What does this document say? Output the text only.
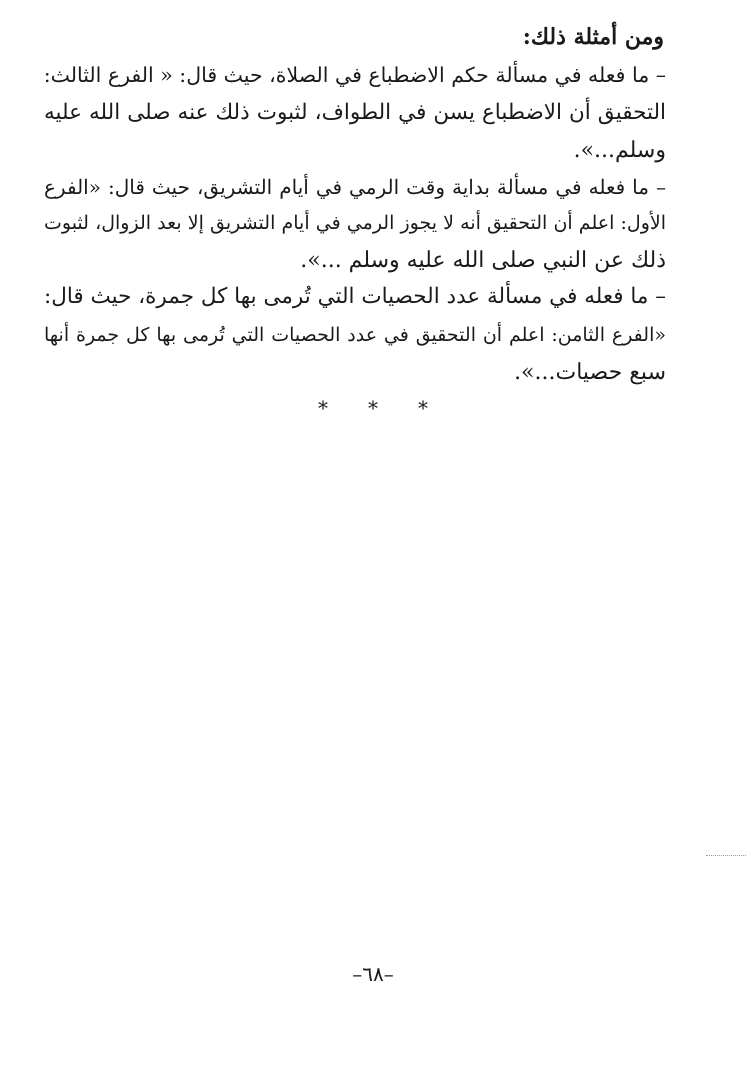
ومن أمثلة ذلك:
– ما فعله في مسألة حكم الاضطباع في الصلاة، حيث قال: « الفرع الثالث:
التحقيق أن الاضطباع يسن في الطواف، لثبوت ذلك عنه صلى الله عليه
وسلم...».
– ما فعله في مسألة بداية وقت الرمي في أيام التشريق، حيث قال: «الفرع
الأول: اعلم أن التحقيق أنه لا يجوز الرمي في أيام التشريق إلا بعد الزوال، لثبوت
ذلك عن النبي صلى الله عليه وسلم ...».
– ما فعله في مسألة عدد الحصيات التي تُرمى بها كل جمرة، حيث قال:
«الفرع الثامن: اعلم أن التحقيق في عدد الحصيات التي تُرمى بها كل جمرة أنها
سبع حصيات...».
* * *
–٦٨–
